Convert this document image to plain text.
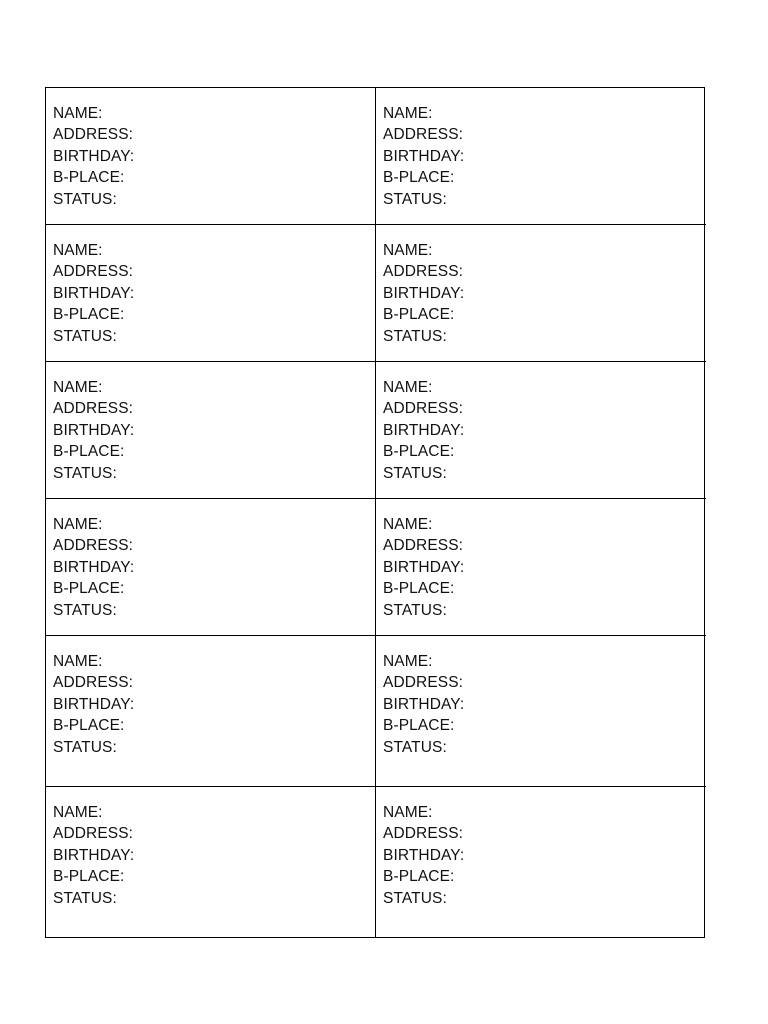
NAME:
ADDRESS:
BIRTHDAY:
B-PLACE:
STATUS:
NAME:
ADDRESS:
BIRTHDAY:
B-PLACE:
STATUS:
NAME:
ADDRESS:
BIRTHDAY:
B-PLACE:
STATUS:
NAME:
ADDRESS:
BIRTHDAY:
B-PLACE:
STATUS:
NAME:
ADDRESS:
BIRTHDAY:
B-PLACE:
STATUS:
NAME:
ADDRESS:
BIRTHDAY:
B-PLACE:
STATUS:
NAME:
ADDRESS:
BIRTHDAY:
B-PLACE:
STATUS:
NAME:
ADDRESS:
BIRTHDAY:
B-PLACE:
STATUS:
NAME:
ADDRESS:
BIRTHDAY:
B-PLACE:
STATUS:
NAME:
ADDRESS:
BIRTHDAY:
B-PLACE:
STATUS:
NAME:
ADDRESS:
BIRTHDAY:
B-PLACE:
STATUS:
NAME:
ADDRESS:
BIRTHDAY:
B-PLACE:
STATUS:
